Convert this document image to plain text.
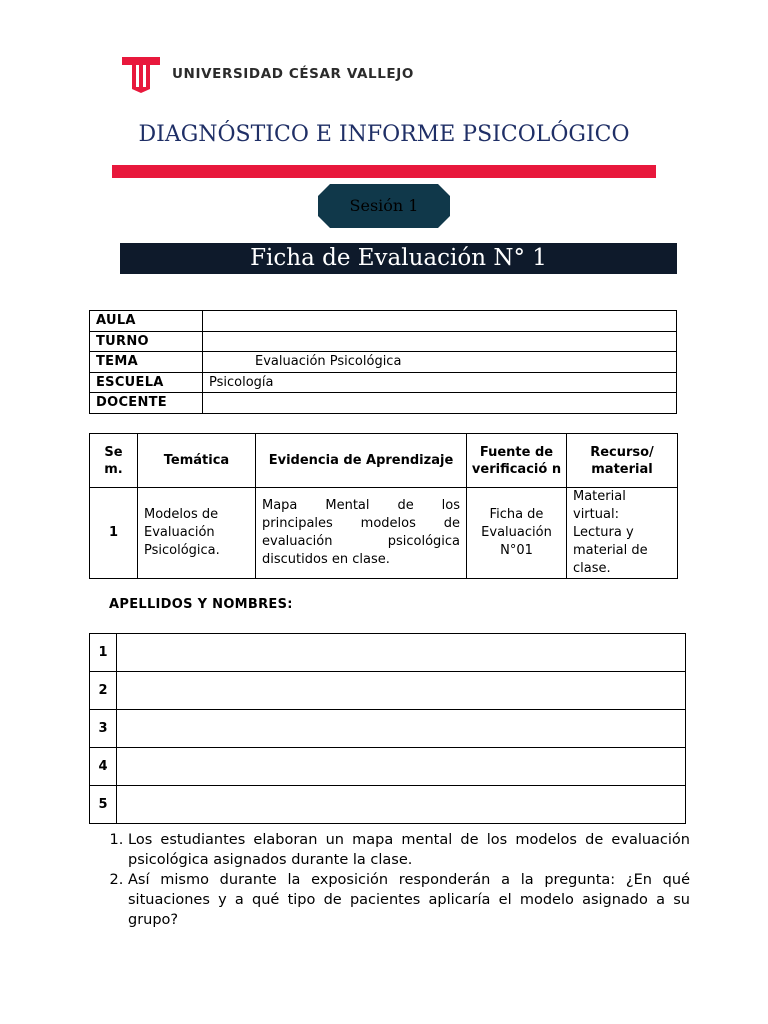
UNIVERSIDAD CÉSAR VALLEJO
DIAGNÓSTICO E INFORME PSICOLÓGICO
Sesión 1
Ficha de Evaluación N° 1
AULA	
TURNO	
TEMA	Evaluación Psicológica
ESCUELA	Psicología
DOCENTE	
Se m.	Temática	Evidencia de Aprendizaje	Fuente de verificació n	Recurso/ material
1	Modelos de Evaluación Psicológica.	Mapa Mental de los principales modelos de evaluación psicológica discutidos en clase.	Ficha de Evaluación N°01	Material virtual: Lectura y material de clase.
APELLIDOS Y NOMBRES:
1	
2	
3	
4	
5	
1. Los estudiantes elaboran un mapa mental de los modelos de evaluación psicológica asignados durante la clase.
2. Así mismo durante la exposición responderán a la pregunta: ¿En qué situaciones y a qué tipo de pacientes aplicaría el modelo asignado a su grupo?
